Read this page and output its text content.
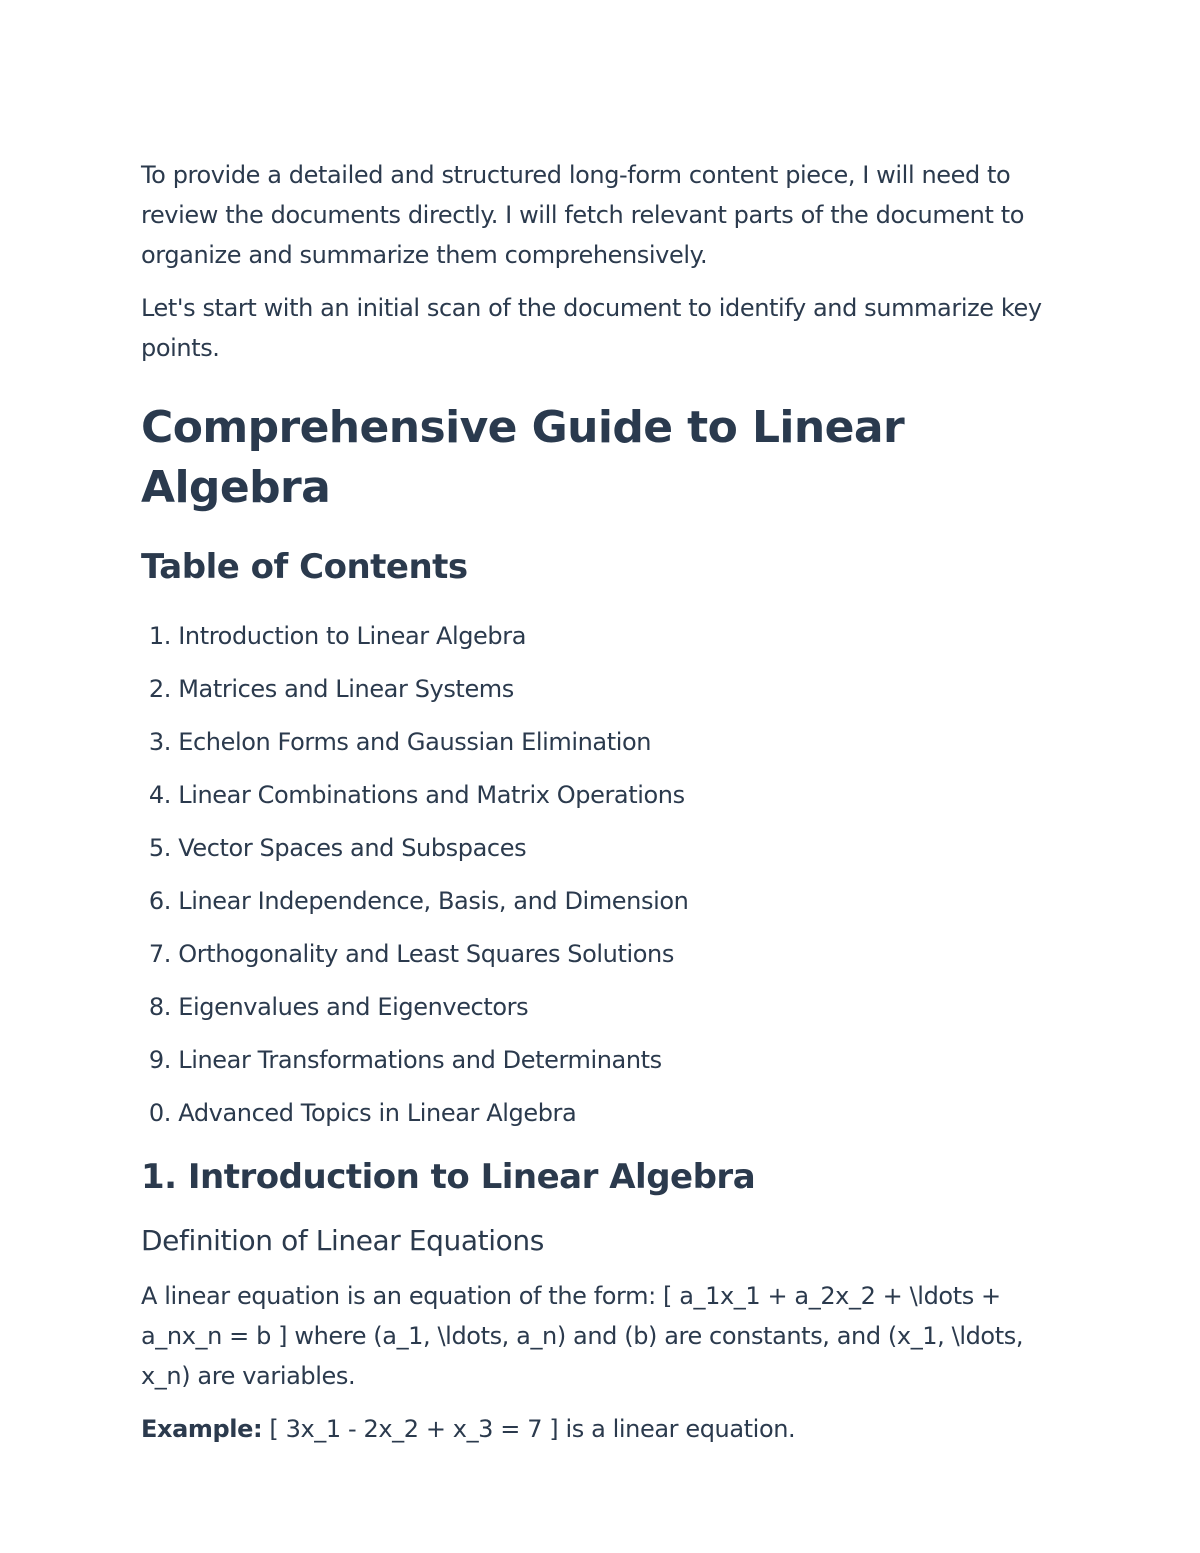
To provide a detailed and structured long-form content piece, I will need to review the documents directly. I will fetch relevant parts of the document to organize and summarize them comprehensively.

Let's start with an initial scan of the document to identify and summarize key points.

Comprehensive Guide to Linear Algebra
Table of Contents
1. Introduction to Linear Algebra
2. Matrices and Linear Systems
3. Echelon Forms and Gaussian Elimination
4. Linear Combinations and Matrix Operations
5. Vector Spaces and Subspaces
6. Linear Independence, Basis, and Dimension
7. Orthogonality and Least Squares Solutions
8. Eigenvalues and Eigenvectors
9. Linear Transformations and Determinants
0. Advanced Topics in Linear Algebra
1. Introduction to Linear Algebra
Definition of Linear Equations

A linear equation is an equation of the form: [ a_1x_1 + a_2x_2 + \ldots + a_nx_n = b ] where (a_1, \ldots, a_n) and (b) are constants, and (x_1, \ldots, x_n) are variables.

Example: [ 3x_1 - 2x_2 + x_3 = 7 ] is a linear equation.
